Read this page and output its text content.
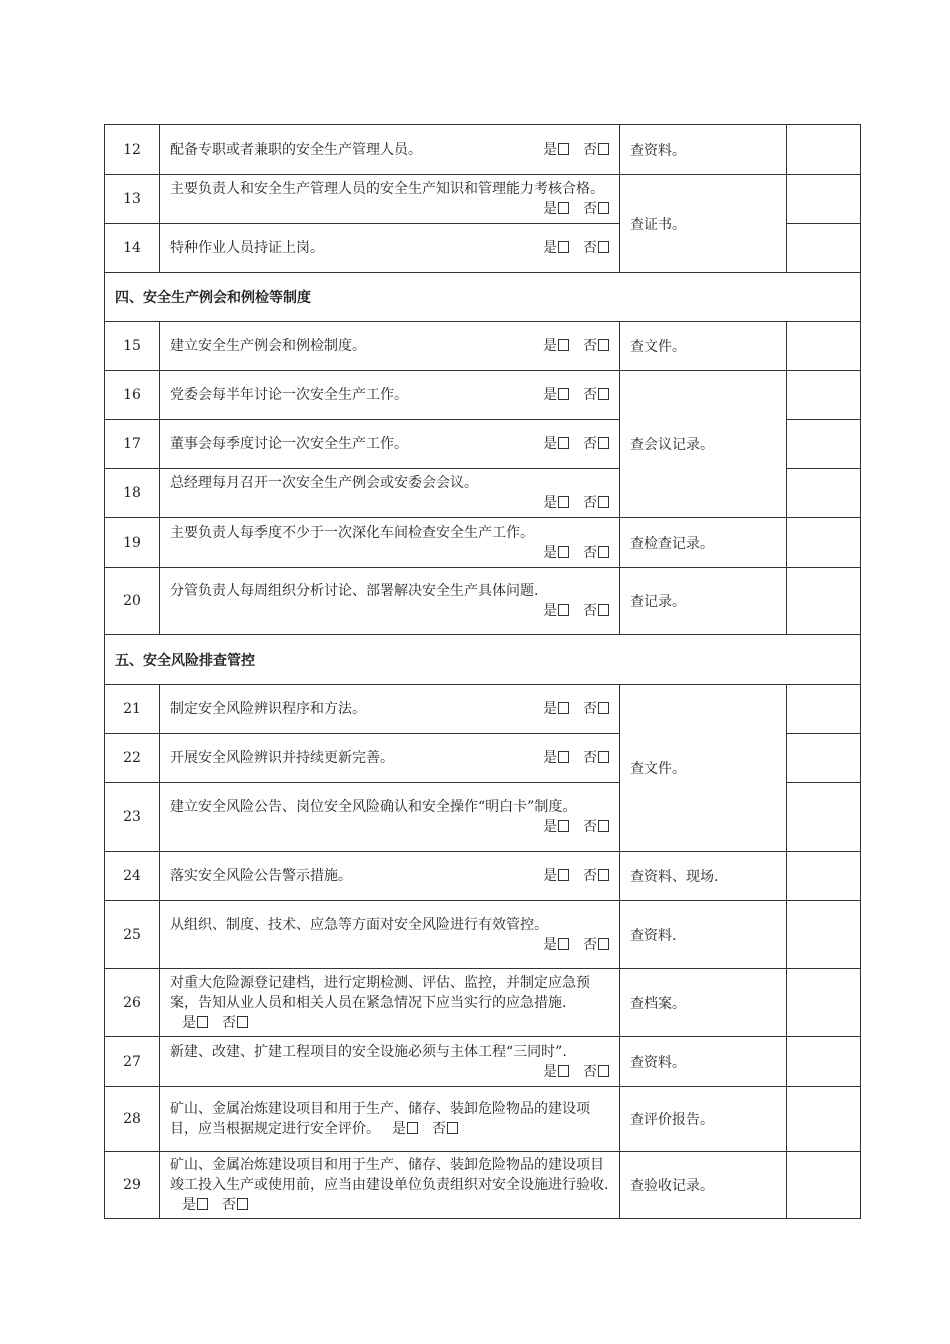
12	配备专职或者兼职的安全生产管理人员。 是 否	查资料。	
13	主要负责人和安全生产管理人员的安全生产知识和管理能力考核合格。
是 否	查证书。	
14	特种作业人员持证上岗。 是 否		

四、安全生产例会和例检等制度			
15	建立安全生产例会和例检制度。 是 否	查文件。	
16	党委会每半年讨论一次安全生产工作。 是 否	查会议记录。	
17	董事会每季度讨论一次安全生产工作。 是 否		

18	总经理每月召开一次安全生产例会或安委会会议。
是 否		

19	主要负责人每季度不少于一次深化车间检查安全生产工作。
是 否	查检查记录。	
20	分管负责人每周组织分析讨论、部署解决安全生产具体问题.
是 否	查记录。	
五、安全风险排查管控			
21	制定安全风险辨识程序和方法。 是 否	查文件。	
22	开展安全风险辨识并持续更新完善。 是 否		

23	建立安全风险公告、岗位安全风险确认和安全操作“明白卡”制度。
是 否		

24	落实安全风险公告警示措施。 是 否	查资料、现场.	
25	从组织、制度、技术、应急等方面对安全风险进行有效管控。
是 否	查资料.	
26	对重大危险源登记建档，进行定期检测、评估、监控，并制定应急预案，告知从业人员和相关人员在紧急情况下应当实行的应急措施.是 否	查档案。	
27	新建、改建、扩建工程项目的安全设施必须与主体工程“三同时”.
是 否	查资料。	
28	矿山、金属冶炼建设项目和用于生产、储存、装卸危险物品的建设项目，应当根据规定进行安全评价。 是 否	查评价报告。	
29	矿山、金属冶炼建设项目和用于生产、储存、装卸危险物品的建设项目竣工投入生产或使用前，应当由建设单位负责组织对安全设施进行验收.是 否	查验收记录。	
